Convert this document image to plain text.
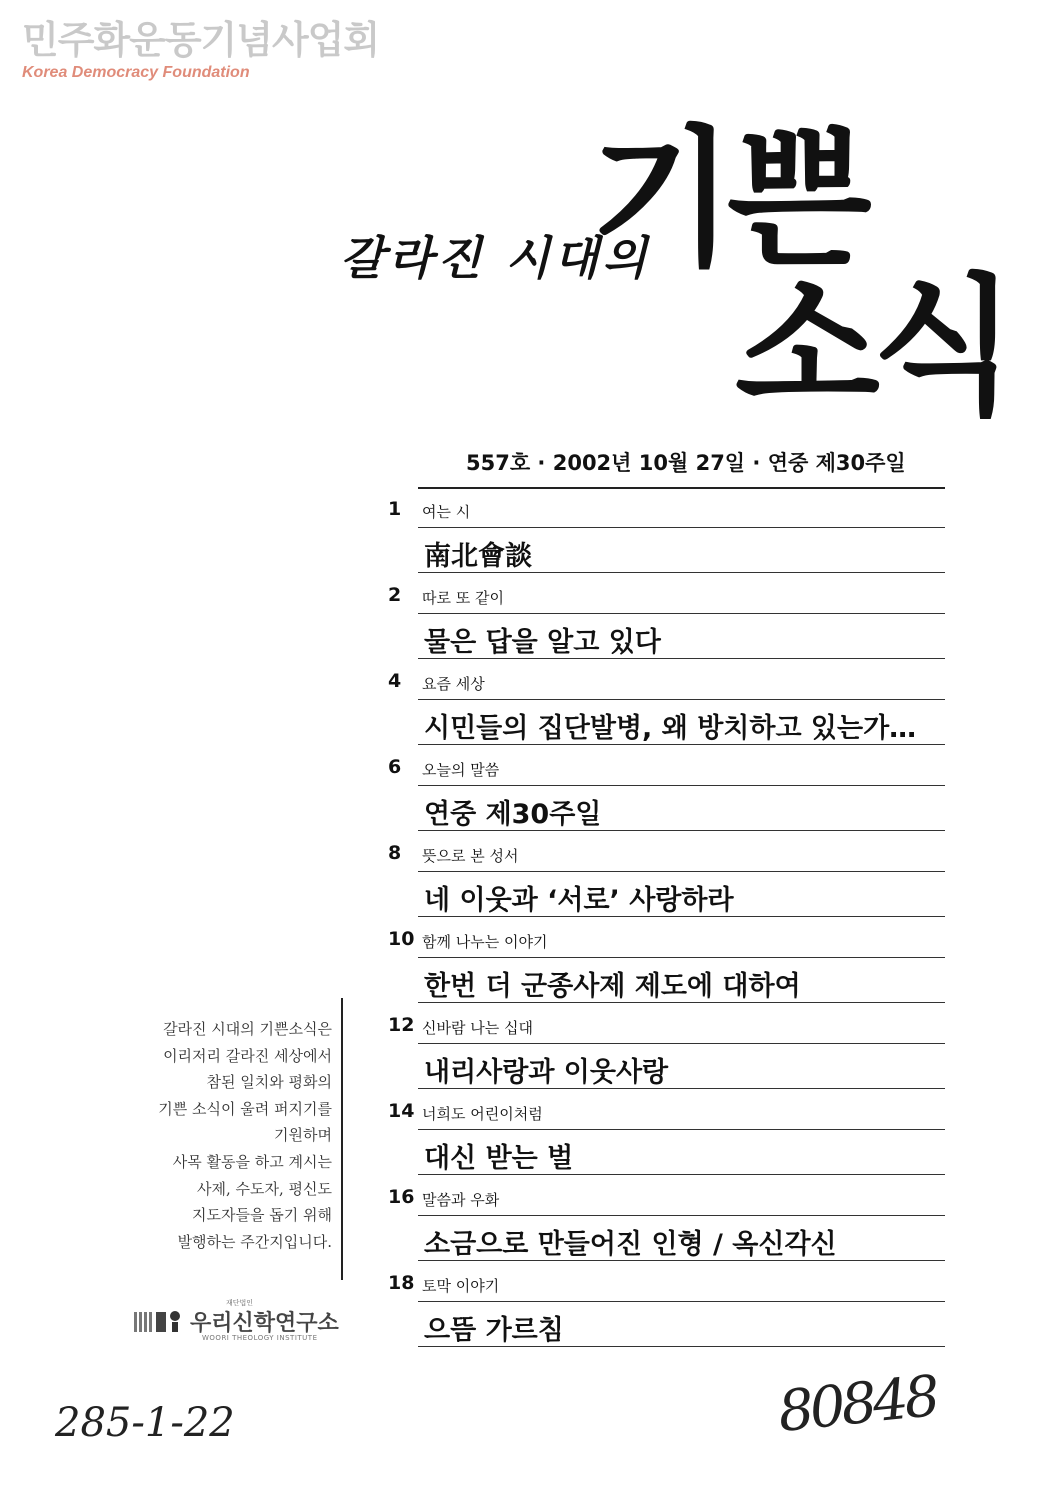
민주화운동기념사업회
Korea Democracy Foundation
갈라진 시대의
기쁜
소식
557호 · 2002년 10월 27일 · 연중 제30주일
1	여는 시
南北會談
2	따로 또 같이
물은 답을 알고 있다
4	요즘 세상
시민들의 집단발병, 왜 방치하고 있는가…
6	오늘의 말씀
연중 제30주일
8	뜻으로 본 성서
네 이웃과 ‘서로’ 사랑하라
10 함께 나누는 이야기
한번 더 군종사제 제도에 대하여
12 신바람 나는 십대
내리사랑과 이웃사랑
14 너희도 어린이처럼
대신 받는 벌
16 말씀과 우화
소금으로 만들어진 인형 / 옥신각신
18 토막 이야기
으뜸 가르침
갈라진 시대의 기쁜소식은
이리저리 갈라진 세상에서
참된 일치와 평화의
기쁜 소식이 울려 퍼지기를
기원하며
사목 활동을 하고 계시는
사제, 수도자, 평신도
지도자들을 돕기 위해
발행하는 주간지입니다.
재단법인
우리신학연구소
WOORI THEOLOGY INSTITUTE
285-1-22	80848
